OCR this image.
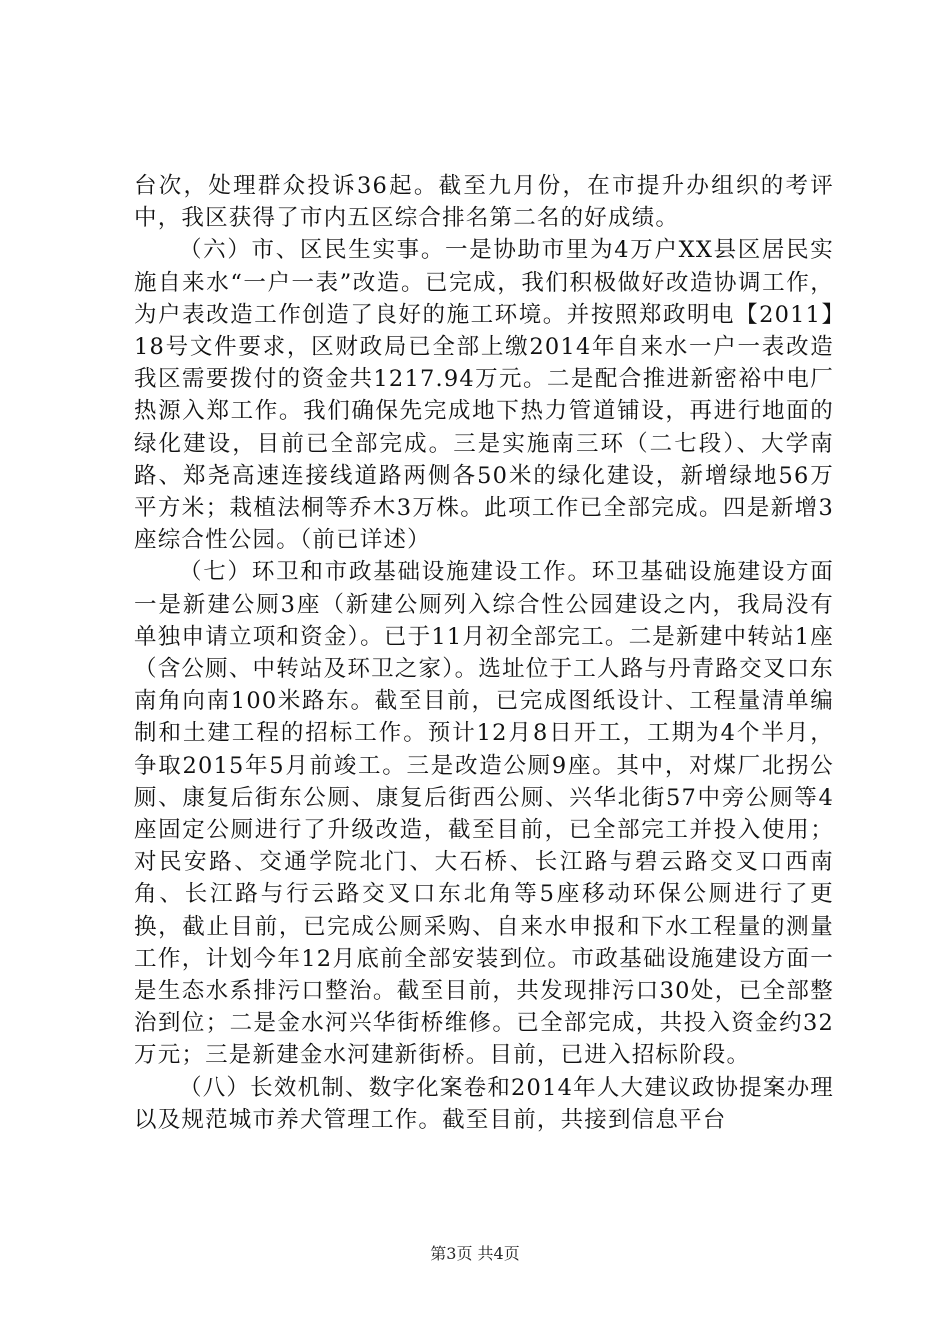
台次，处理群众投诉36起。截至九月份，在市提升办组织的考评中，我区获得了市内五区综合排名第二名的好成绩。

（六）市、区民生实事。一是协助市里为4万户XX县区居民实施自来水“一户一表”改造。已完成，我们积极做好改造协调工作，为户表改造工作创造了良好的施工环境。并按照郑政明电【2011】18号文件要求，区财政局已全部上缴2014年自来水一户一表改造我区需要拨付的资金共1217.94万元。二是配合推进新密裕中电厂热源入郑工作。我们确保先完成地下热力管道铺设，再进行地面的绿化建设，目前已全部完成。三是实施南三环（二七段）、大学南路、郑尧高速连接线道路两侧各50米的绿化建设，新增绿地56万平方米；栽植法桐等乔木3万株。此项工作已全部完成。四是新增3座综合性公园。（前已详述）

（七）环卫和市政基础设施建设工作。环卫基础设施建设方面一是新建公厕3座（新建公厕列入综合性公园建设之内，我局没有单独申请立项和资金）。已于11月初全部完工。二是新建中转站1座（含公厕、中转站及环卫之家）。选址位于工人路与丹青路交叉口东南角向南100米路东。截至目前，已完成图纸设计、工程量清单编制和土建工程的招标工作。预计12月8日开工，工期为4个半月，争取2015年5月前竣工。三是改造公厕9座。其中，对煤厂北拐公厕、康复后街东公厕、康复后街西公厕、兴华北街57中旁公厕等4座固定公厕进行了升级改造，截至目前，已全部完工并投入使用；对民安路、交通学院北门、大石桥、长江路与碧云路交叉口西南角、长江路与行云路交叉口东北角等5座移动环保公厕进行了更换，截止目前，已完成公厕采购、自来水申报和下水工程量的测量工作，计划今年12月底前全部安装到位。市政基础设施建设方面一是生态水系排污口整治。截至目前，共发现排污口30处，已全部整治到位；二是金水河兴华街桥维修。已全部完成，共投入资金约32万元；三是新建金水河建新街桥。目前，已进入招标阶段。

（八）长效机制、数字化案卷和2014年人大建议政协提案办理以及规范城市养犬管理工作。截至目前，共接到信息平台

第3页 共4页
